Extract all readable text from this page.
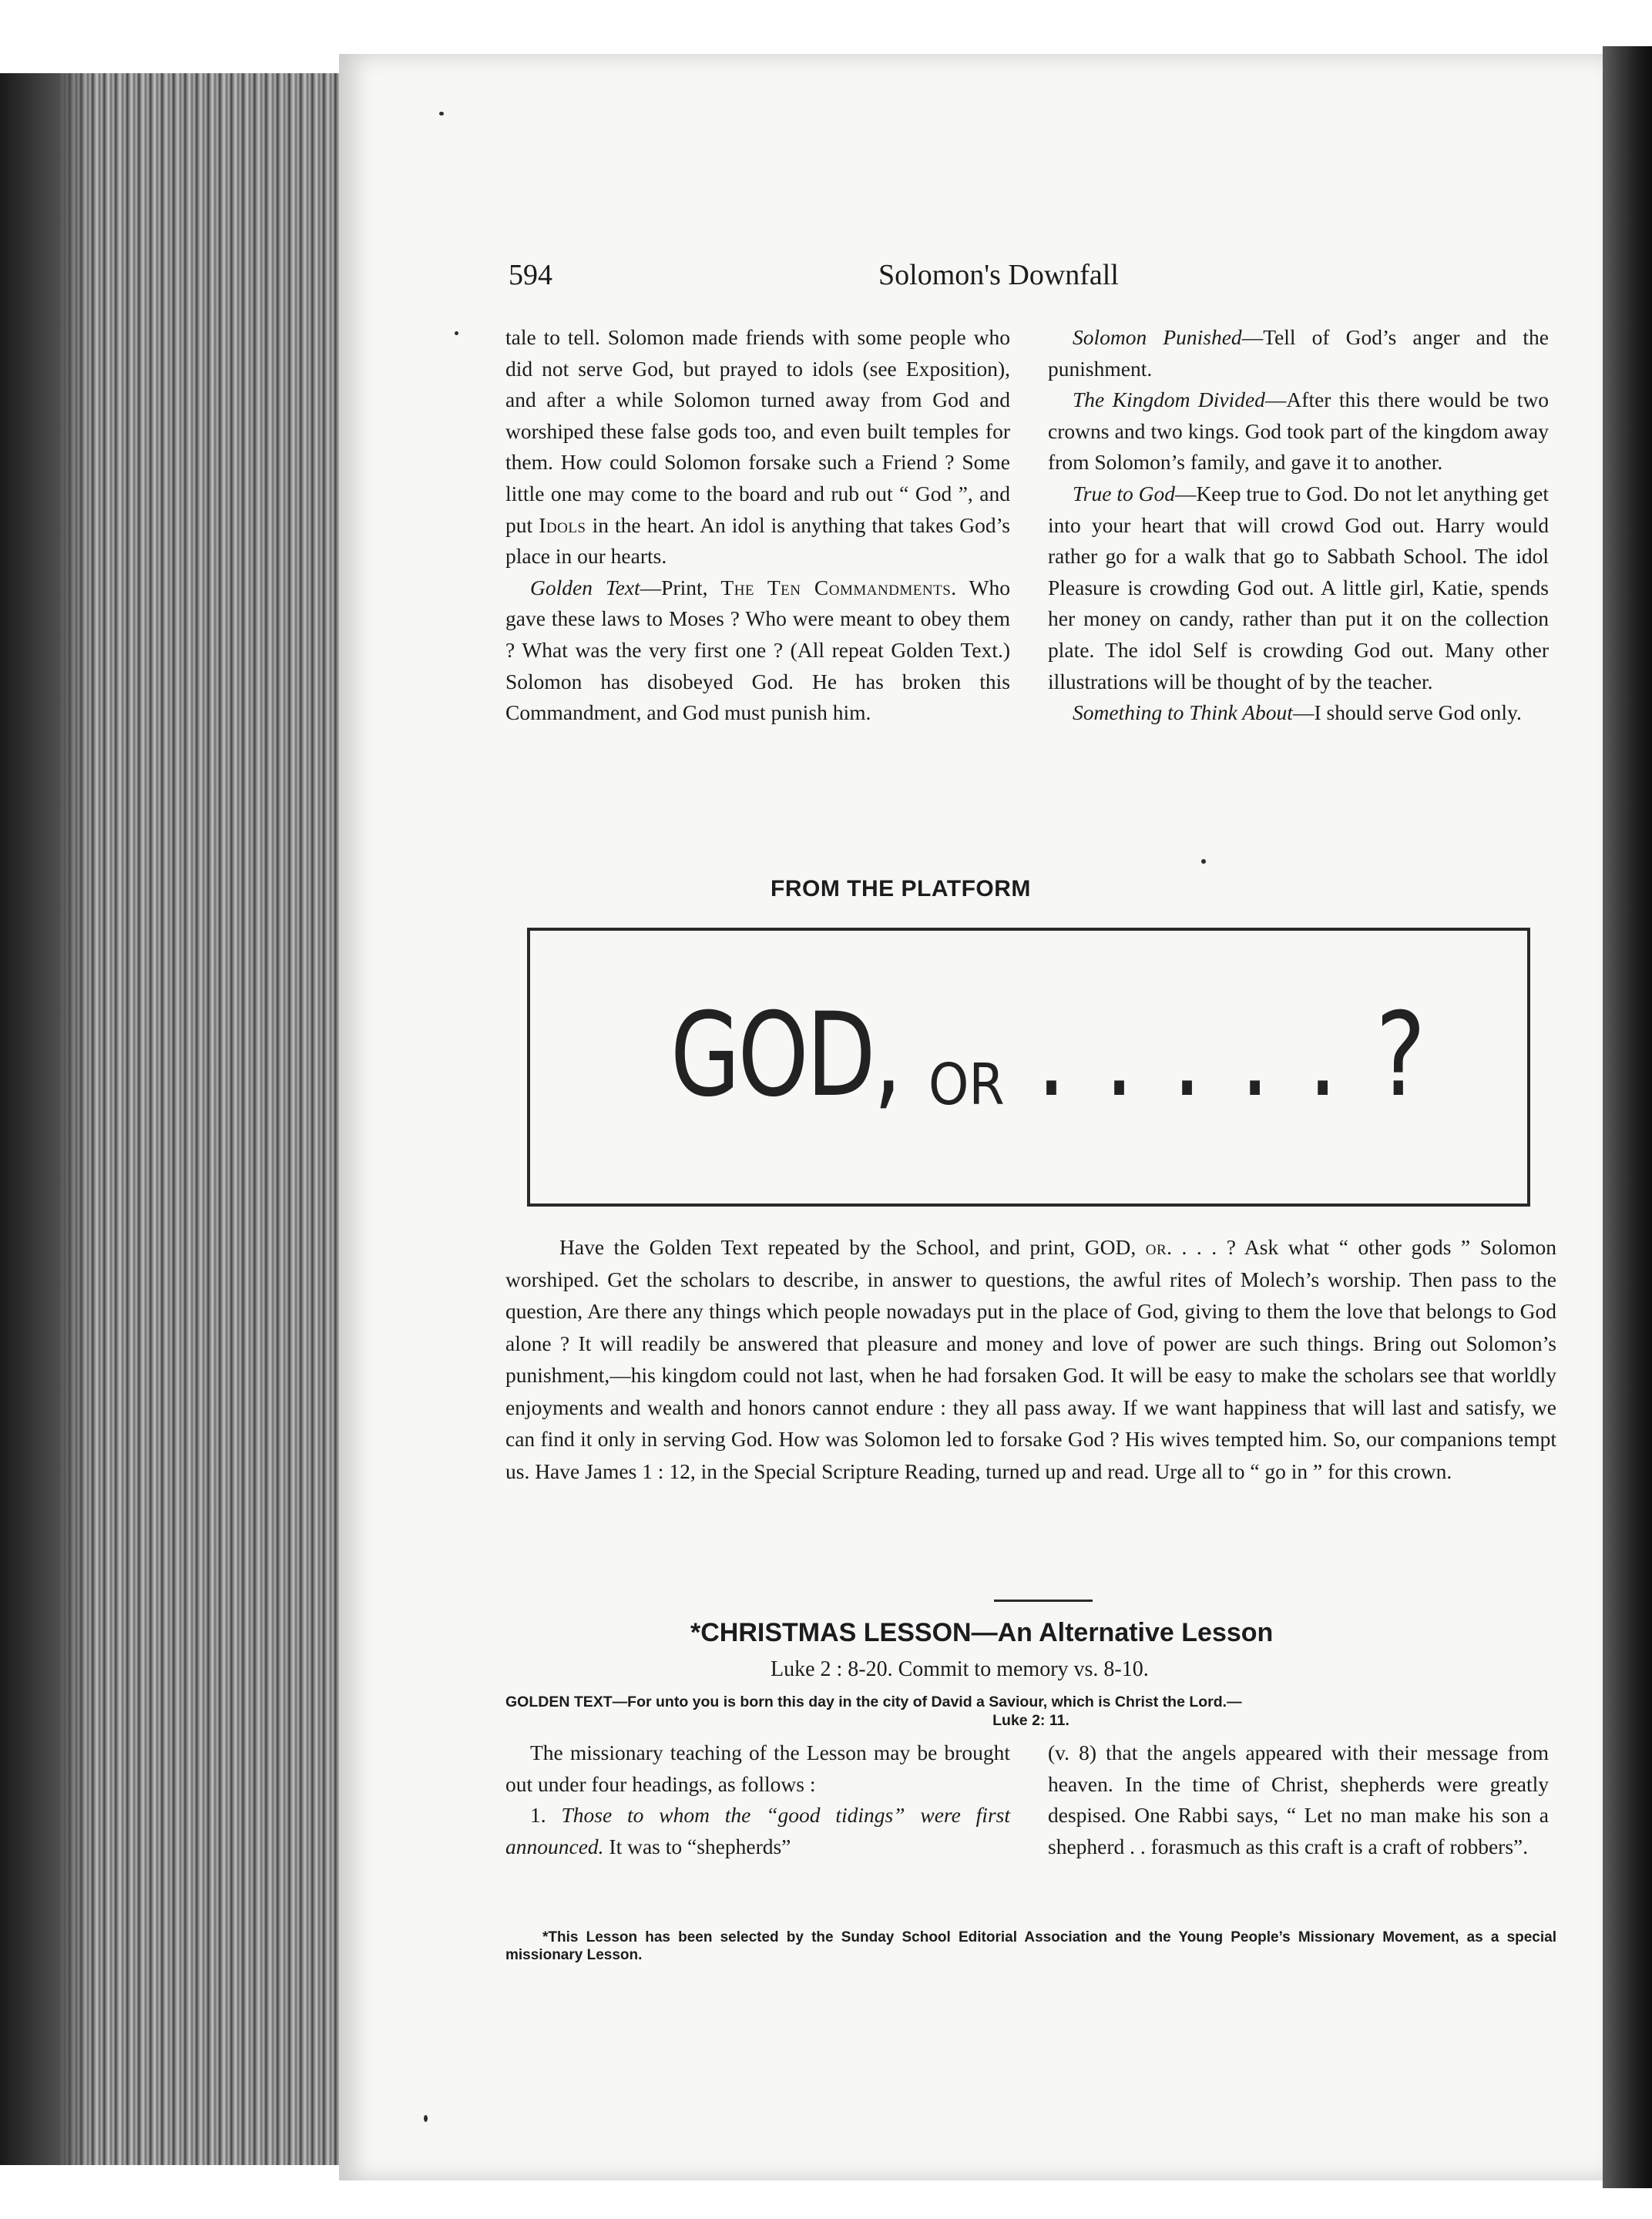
594	Solomon's Downfall

tale to tell. Solomon made friends with some people who did not serve God, but prayed to idols (see Exposition), and after a while Solomon turned away from God and worshiped these false gods too, and even built temples for them. How could Solomon forsake such a Friend ? Some little one may come to the board and rub out “ God ”, and put Idols in the heart. An idol is anything that takes God’s place in our hearts.

Golden Text—Print, The Ten Commandments. Who gave these laws to Moses ? Who were meant to obey them ? What was the very first one ? (All repeat Golden Text.) Solomon has disobeyed God. He has broken this Commandment, and God must punish him.

Solomon Punished—Tell of God’s anger and the punishment.

The Kingdom Divided—After this there would be two crowns and two kings. God took part of the kingdom away from Solomon’s family, and gave it to another.

True to God—Keep true to God. Do not let anything get into your heart that will crowd God out. Harry would rather go for a walk that go to Sabbath School. The idol Pleasure is crowding God out. A little girl, Katie, spends her money on candy, rather than put it on the collection plate. The idol Self is crowding God out. Many other illustrations will be thought of by the teacher.

Something to Think About—I should serve God only.

FROM THE PLATFORM
GOD, OR . . . . . ?

Have the Golden Text repeated by the School, and print, GOD, or. . . . ? Ask what “ other gods ” Solomon worshiped. Get the scholars to describe, in answer to questions, the awful rites of Molech’s worship. Then pass to the question, Are there any things which people nowadays put in the place of God, giving to them the love that belongs to God alone ? It will readily be answered that pleasure and money and love of power are such things. Bring out Solomon’s punishment,—his kingdom could not last, when he had forsaken God. It will be easy to make the scholars see that worldly enjoyments and wealth and honors cannot endure : they all pass away. If we want happiness that will last and satisfy, we can find it only in serving God. How was Solomon led to forsake God ? His wives tempted him. So, our companions tempt us. Have James 1 : 12, in the Special Scripture Reading, turned up and read. Urge all to “ go in ” for this crown.

*CHRISTMAS LESSON—An Alternative Lesson
Luke 2 : 8-20. Commit to memory vs. 8-10.
GOLDEN TEXT—For unto you is born this day in the city of David a Saviour, which is Christ the Lord.—
Luke 2: 11.

The missionary teaching of the Lesson may be brought out under four headings, as follows :

1. Those to whom the “good tidings” were first announced. It was to “shepherds”

(v. 8) that the angels appeared with their message from heaven. In the time of Christ, shepherds were greatly despised. One Rabbi says, “ Let no man make his son a shepherd . . forasmuch as this craft is a craft of robbers”.

*This Lesson has been selected by the Sunday School Editorial Association and the Young People’s Missionary Movement, as a special missionary Lesson.
